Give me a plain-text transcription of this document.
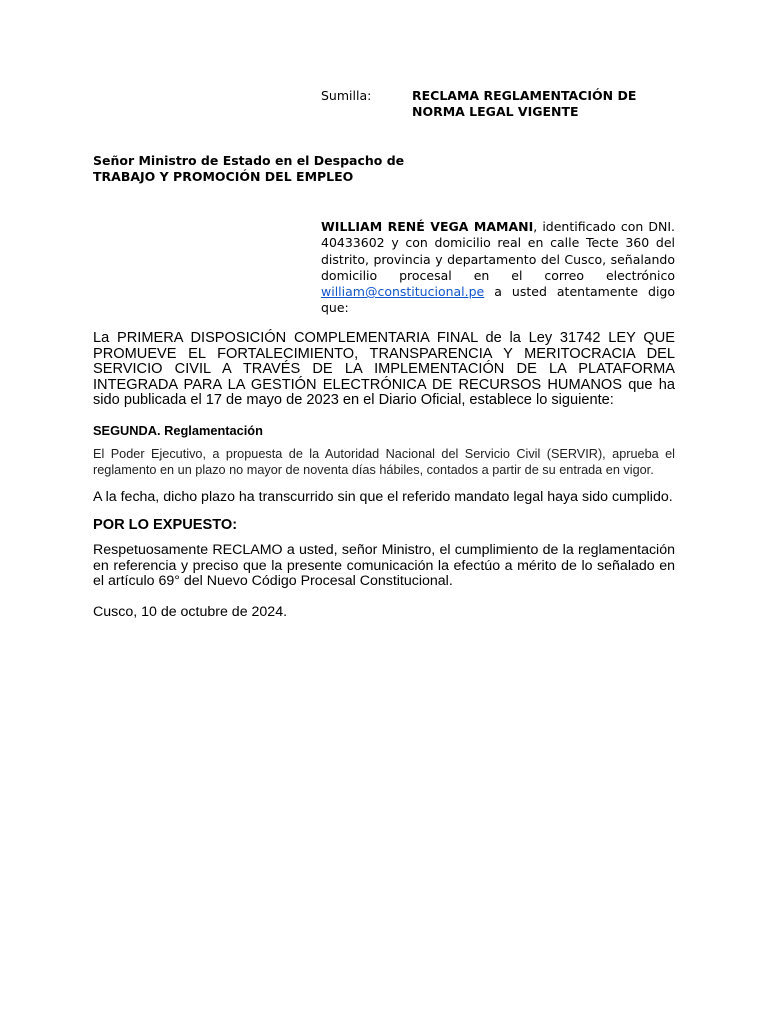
Sumilla:	RECLAMA REGLAMENTACIÓN DE NORMA LEGAL VIGENTE
Señor Ministro de Estado en el Despacho de
TRABAJO Y PROMOCIÓN DEL EMPLEO
WILLIAM RENÉ VEGA MAMANI, identificado con DNI. 40433602 y con domicilio real en calle Tecte 360 del distrito, provincia y departamento del Cusco, señalando domicilio procesal en el correo electrónico william@constitucional.pe a usted atentamente digo que:

La PRIMERA DISPOSICIÓN COMPLEMENTARIA FINAL de la Ley 31742 LEY QUE PROMUEVE EL FORTALECIMIENTO, TRANSPARENCIA Y MERITOCRACIA DEL SERVICIO CIVIL A TRAVÉS DE LA IMPLEMENTACIÓN DE LA PLATAFORMA INTEGRADA PARA LA GESTIÓN ELECTRÓNICA DE RECURSOS HUMANOS que ha sido publicada el 17 de mayo de 2023 en el Diario Oficial, establece lo siguiente:

SEGUNDA. Reglamentación

El Poder Ejecutivo, a propuesta de la Autoridad Nacional del Servicio Civil (SERVIR), aprueba el reglamento en un plazo no mayor de noventa días hábiles, contados a partir de su entrada en vigor.

A la fecha, dicho plazo ha transcurrido sin que el referido mandato legal haya sido cumplido.

POR LO EXPUESTO:

Respetuosamente RECLAMO a usted, señor Ministro, el cumplimiento de la reglamentación en referencia y preciso que la presente comunicación la efectúo a mérito de lo señalado en el artículo 69° del Nuevo Código Procesal Constitucional.

Cusco, 10 de octubre de 2024.
